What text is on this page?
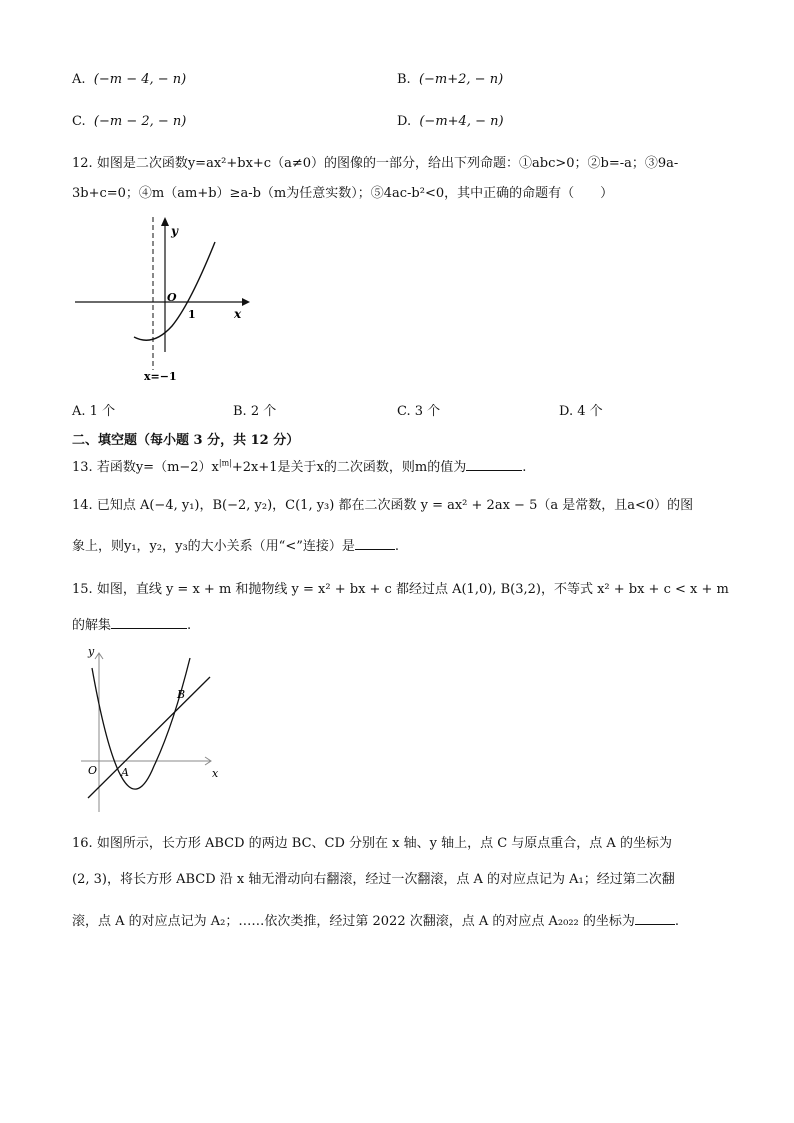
A. (−m − 4, − n)	B. (−m+2, − n)
C. (−m − 2, − n)	D. (−m+4, − n)
12. 如图是二次函数y=ax²+bx+c（a≠0）的图像的一部分，给出下列命题：①abc>0；②b=-a；③9a-
3b+c=0；④m（am+b）≥a-b（m为任意实数）；⑤4ac-b²<0，其中正确的命题有（　　）
y
x
O
1
x=−1
A. 1 个	B. 2 个	C. 3 个	D. 4 个
二、填空题（每小题 3 分，共 12 分）
13. 若函数$y=(m-2)x^{|m|}+2x+1$是关于x的二次函数，则m的值为	.
14. 已知点 A(−4, y₁)，B(−2, y₂)，C(1, y₃) 都在二次函数 y = ax² + 2ax − 5（a 是常数，且a<0）的图
象上，则y₁，y₂，y₃的大小关系（用“<”连接）是	.
15. 如图，直线 y = x + m 和抛物线 y = x² + bx + c 都经过点 A(1,0), B(3,2)，不等式 x² + bx + c < x + m
的解集	.
y
x
O A
B
16. 如图所示，长方形 ABCD 的两边 BC、CD 分别在 x 轴、y 轴上，点 C 与原点重合，点 A 的坐标为
(2, 3)，将长方形 ABCD 沿 x 轴无滑动向右翻滚，经过一次翻滚，点 A 的对应点记为 A₁；经过第二次翻
滚，点 A 的对应点记为 A₂；……依次类推，经过第 2022 次翻滚，点 A 的对应点 A₂₀₂₂ 的坐标为	.
